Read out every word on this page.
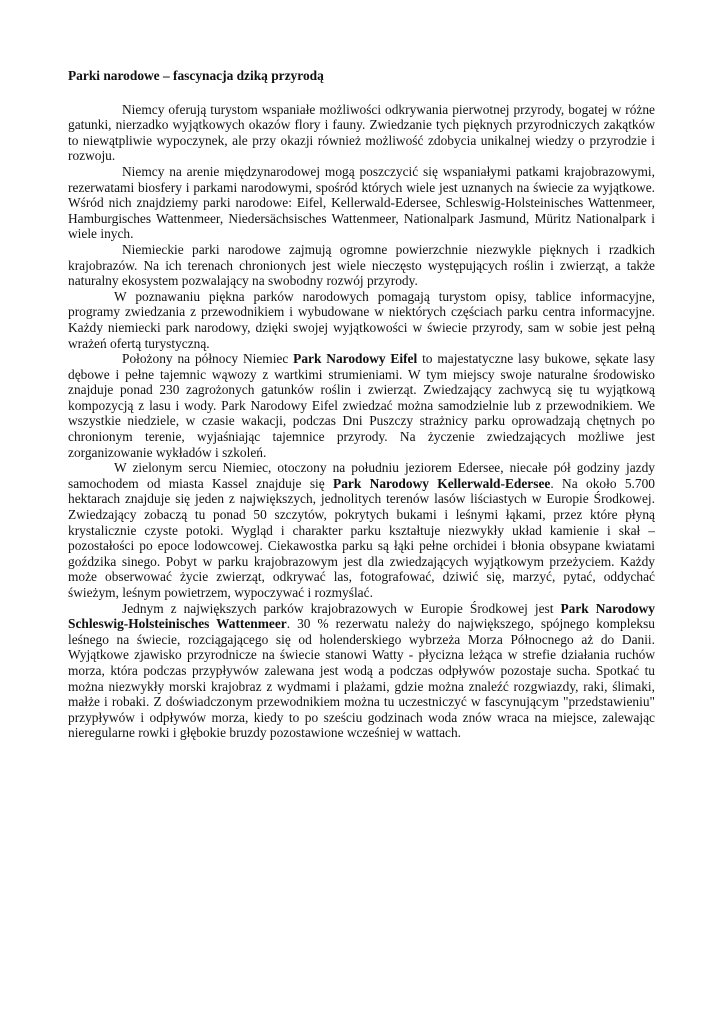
Parki narodowe – fascynacja dziką przyrodą

Niemcy oferują turystom wspaniałe możliwości odkrywania pierwotnej przyrody, bogatej w różne gatunki, nierzadko wyjątkowych okazów flory i fauny. Zwiedzanie tych pięknych przyrodniczych zakątków to niewątpliwie wypoczynek, ale przy okazji również możliwość zdobycia unikalnej wiedzy o przyrodzie i rozwoju.

Niemcy na arenie międzynarodowej mogą poszczycić się wspaniałymi patkami krajobrazowymi, rezerwatami biosfery i parkami narodowymi, spośród których wiele jest uznanych na świecie za wyjątkowe. Wśród nich znajdziemy parki narodowe: Eifel, Kellerwald-Edersee, Schleswig-Holsteinisches Wattenmeer, Hamburgisches Wattenmeer, Niedersächsisches Wattenmeer, Nationalpark Jasmund, Müritz Nationalpark i wiele inych.

Niemieckie parki narodowe zajmują ogromne powierzchnie niezwykle pięknych i rzadkich krajobrazów. Na ich terenach chronionych jest wiele nieczęsto występujących roślin i zwierząt, a także naturalny ekosystem pozwalający na swobodny rozwój przyrody.

W poznawaniu piękna parków narodowych pomagają turystom opisy, tablice informacyjne, programy zwiedzania z przewodnikiem i wybudowane w niektórych częściach parku centra informacyjne. Każdy niemiecki park narodowy, dzięki swojej wyjątkowości w świecie przyrody, sam w sobie jest pełną wrażeń ofertą turystyczną.

Położony na północy Niemiec Park Narodowy Eifel to majestatyczne lasy bukowe, sękate lasy dębowe i pełne tajemnic wąwozy z wartkimi strumieniami. W tym miejscy swoje naturalne środowisko znajduje ponad 230 zagrożonych gatunków roślin i zwierząt. Zwiedzający zachwycą się tu wyjątkową kompozycją z lasu i wody. Park Narodowy Eifel zwiedzać można samodzielnie lub z przewodnikiem. We wszystkie niedziele, w czasie wakacji, podczas Dni Puszczy strażnicy parku oprowadzają chętnych po chronionym terenie, wyjaśniając tajemnice przyrody. Na życzenie zwiedzających możliwe jest zorganizowanie wykładów i szkoleń.

W zielonym sercu Niemiec, otoczony na południu jeziorem Edersee, niecałe pół godziny jazdy samochodem od miasta Kassel znajduje się Park Narodowy Kellerwald-Edersee. Na około 5.700 hektarach znajduje się jeden z największych, jednolitych terenów lasów liściastych w Europie Środkowej. Zwiedzający zobaczą tu ponad 50 szczytów, pokrytych bukami i leśnymi łąkami, przez które płyną krystalicznie czyste potoki. Wygląd i charakter parku kształtuje niezwykły układ kamienie i skał – pozostałości po epoce lodowcowej. Ciekawostka parku są łąki pełne orchidei i błonia obsypane kwiatami goździka sinego. Pobyt w parku krajobrazowym jest dla zwiedzających wyjątkowym przeżyciem. Każdy może obserwować życie zwierząt, odkrywać las, fotografować, dziwić się, marzyć, pytać, oddychać świeżym, leśnym powietrzem, wypoczywać i rozmyślać.

Jednym z największych parków krajobrazowych w Europie Środkowej jest Park Narodowy Schleswig-Holsteinisches Wattenmeer. 30 % rezerwatu należy do największego, spójnego kompleksu leśnego na świecie, rozciągającego się od holenderskiego wybrzeża Morza Północnego aż do Danii. Wyjątkowe zjawisko przyrodnicze na świecie stanowi Watty - płycizna leżąca w strefie działania ruchów morza, która podczas przypływów zalewana jest wodą a podczas odpływów pozostaje sucha. Spotkać tu można niezwykły morski krajobraz z wydmami i plażami, gdzie można znaleźć rozgwiazdy, raki, ślimaki, małże i robaki. Z doświadczonym przewodnikiem można tu uczestniczyć w fascynującym "przedstawieniu" przypływów i odpływów morza, kiedy to po sześciu godzinach woda znów wraca na miejsce, zalewając nieregularne rowki i głębokie bruzdy pozostawione wcześniej w wattach.
